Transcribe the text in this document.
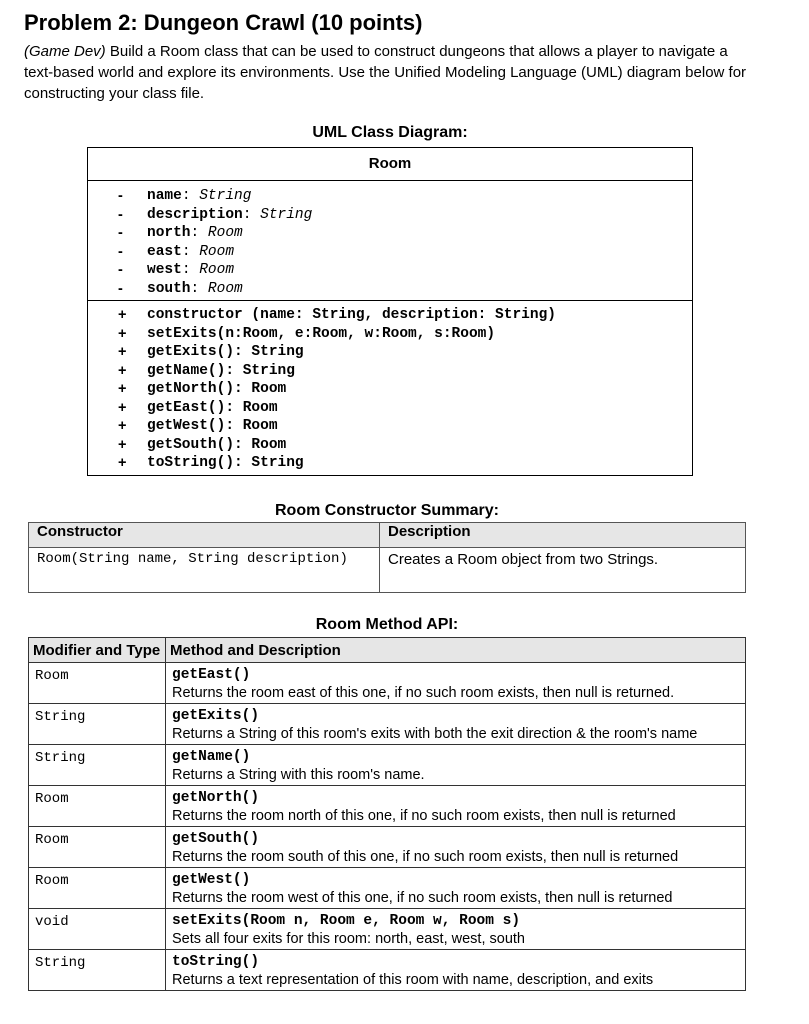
Problem 2: Dungeon Crawl (10 points)

(Game Dev) Build a Room class that can be used to construct dungeons that allows a player to navigate a text-based world and explore its environments. Use the Unified Modeling Language (UML) diagram below for constructing your class file.

UML Class Diagram:
Room
-	name: String
-	description: String
-	north: Room
-	east: Room
-	west: Room
-	south: Room
+ constructor (name: String, description: String)
+ setExits(n:Room, e:Room, w:Room, s:Room)
+ getExits(): String
+ getName(): String
+ getNorth(): Room
+ getEast(): Room
+ getWest(): Room
+ getSouth(): Room
+ toString(): String
Room Constructor Summary:
Constructor	Description
Room(String name, String description)	Creates a Room object from two Strings.
Room Method API:
Modifier and Type	Method and Description
Room	getEast()
Returns the room east of this one, if no such room exists, then null is returned.

String	getExits()
Returns a String of this room's exits with both the exit direction & the room's name

String	getName()
Returns a String with this room's name.

Room	getNorth()
Returns the room north of this one, if no such room exists, then null is returned

Room	getSouth()
Returns the room south of this one, if no such room exists, then null is returned

Room	getWest()
Returns the room west of this one, if no such room exists, then null is returned

void	setExits(Room n, Room e, Room w, Room s)
Sets all four exits for this room: north, east, west, south

String	toString()
Returns a text representation of this room with name, description, and exits
